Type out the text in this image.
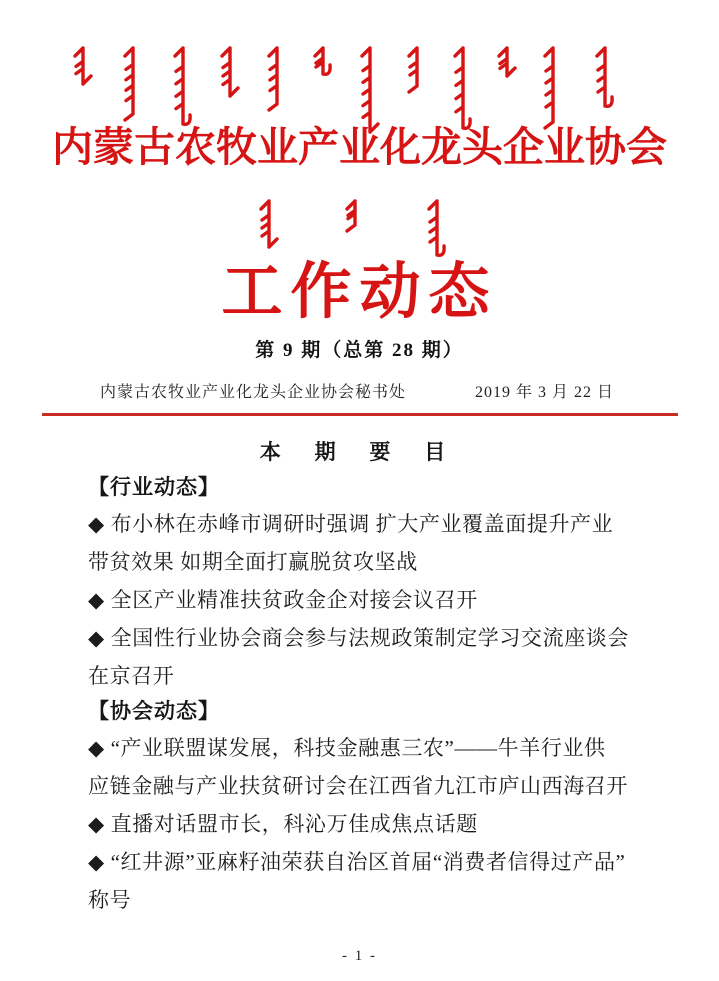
内蒙古农牧业产业化龙头企业协会
工作动态
第 9 期（总第 28 期）
内蒙古农牧业产业化龙头企业协会秘书处	2019 年 3 月 22 日
本 期 要 目
【行业动态】

◆ 布小林在赤峰市调研时强调 扩大产业覆盖面提升产业

带贫效果 如期全面打赢脱贫攻坚战

◆ 全区产业精准扶贫政金企对接会议召开

◆ 全国性行业协会商会参与法规政策制定学习交流座谈会

在京召开

【协会动态】

◆ “产业联盟谋发展，科技金融惠三农”——牛羊行业供

应链金融与产业扶贫研讨会在江西省九江市庐山西海召开

◆ 直播对话盟市长，科沁万佳成焦点话题

◆ “红井源”亚麻籽油荣获自治区首届“消费者信得过产品”

称号

- 1 -
